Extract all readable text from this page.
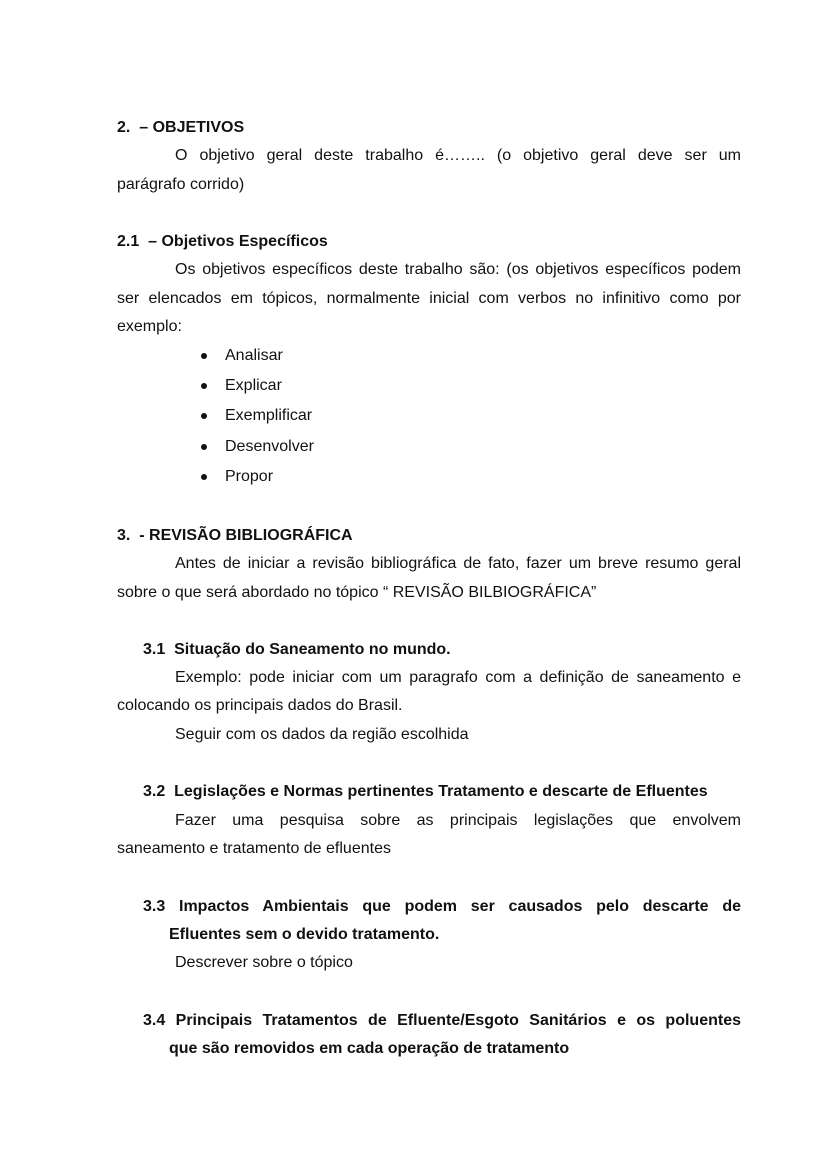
2.  – OBJETIVOS
O objetivo geral deste trabalho é…….. (o objetivo geral deve ser um
parágrafo corrido)
2.1  – Objetivos Específicos
Os objetivos específicos deste trabalho são: (os objetivos específicos podem
ser elencados em tópicos, normalmente inicial com verbos no infinitivo como por
exemplo:
Analisar
Explicar
Exemplificar
Desenvolver
Propor
3.  - REVISÃO BIBLIOGRÁFICA
Antes de iniciar a revisão bibliográfica de fato, fazer um breve resumo geral
sobre o que será abordado no tópico “ REVISÃO BILBIOGRÁFICA”
3.1  Situação do Saneamento no mundo.
Exemplo: pode iniciar com um paragrafo com a definição de saneamento e
colocando os principais dados do Brasil.
Seguir com os dados da região escolhida
3.2  Legislações e Normas pertinentes Tratamento e descarte de Efluentes
Fazer uma pesquisa sobre as principais legislações que envolvem
saneamento e tratamento de efluentes
3.3 Impactos Ambientais que podem ser causados pelo descarte de
Efluentes sem o devido tratamento.
Descrever sobre o tópico
3.4 Principais Tratamentos de Efluente/Esgoto Sanitários e os poluentes
que são removidos em cada operação de tratamento
